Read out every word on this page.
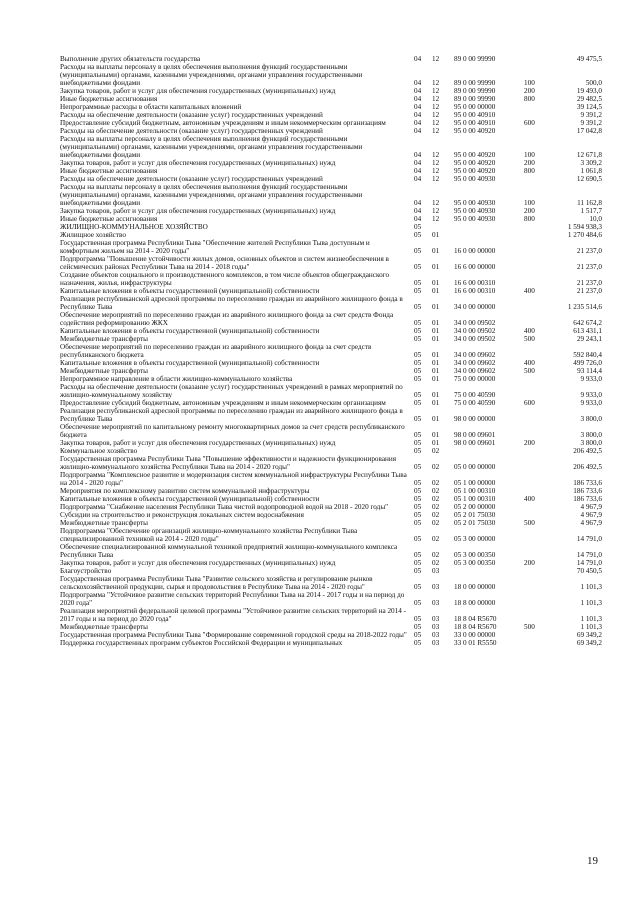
Выполнение других обязательств государства	04	12	89 0 00 99990		49 475,5
Расходы на выплаты персоналу в целях обеспечения выполнения функций государственными (муниципальными) органами, казенными учреждениями, органами управления государственными внебюджетными фондами	04	12	89 0 00 99990	100	500,0
Закупка товаров, работ и услуг для обеспечения государственных (муниципальных) нужд	04	12	89 0 00 99990	200	19 493,0
Иные бюджетные ассигнования	04	12	89 0 00 99990	800	29 482,5
Непрограммные расходы в области капитальных вложений	04	12	95 0 00 00000		39 124,5
Расходы на обеспечение деятельности (оказание услуг) государственных учреждений	04	12	95 0 00 40910		9 391,2
Предоставление субсидий бюджетным, автономным учреждениям и иным некоммерческим организациям	04	12	95 0 00 40910	600	9 391,2
Расходы на обеспечение деятельности (оказание услуг) государственных учреждений	04	12	95 0 00 40920		17 042,8
Расходы на выплаты персоналу в целях обеспечения выполнения функций государственными (муниципальными) органами, казенными учреждениями, органами управления государственными внебюджетными фондами	04	12	95 0 00 40920	100	12 671,8
Закупка товаров, работ и услуг для обеспечения государственных (муниципальных) нужд	04	12	95 0 00 40920	200	3 309,2
Иные бюджетные ассигнования	04	12	95 0 00 40920	800	1 061,8
Расходы на обеспечение деятельности (оказание услуг) государственных учреждений	04	12	95 0 00 40930		12 690,5
Расходы на выплаты персоналу в целях обеспечения выполнения функций государственными (муниципальными) органами, казенными учреждениями, органами управления государственными внебюджетными фондами	04	12	95 0 00 40930	100	11 162,8
Закупка товаров, работ и услуг для обеспечения государственных (муниципальных) нужд	04	12	95 0 00 40930	200	1 517,7
Иные бюджетные ассигнования	04	12	95 0 00 40930	800	10,0
ЖИЛИЩНО-КОММУНАЛЬНОЕ ХОЗЯЙСТВО	05				1 594 938,3
Жилищное хозяйство	05	01			1 270 484,6
Государственная программа Республики Тыва "Обеспечение жителей Республики Тыва доступным и комфортным жильем на 2014 - 2020 годы"	05	01	16 0 00 00000		21 237,0
Подпрограмма "Повышение устойчивости жилых домов, основных объектов и систем жизнеобеспечения в сейсмических районах Республики Тыва на 2014 - 2018 годы"	05	01	16 6 00 00000		21 237,0
Создание объектов социального и производственного комплексов, в том числе объектов общегражданского назначения, жилья, инфраструктуры	05	01	16 6 00 00310		21 237,0
Капитальные вложения в объекты государственной (муниципальной) собственности	05	01	16 6 00 00310	400	21 237,0
Реализация республиканской адресной программы по переселению граждан из аварийного жилищного фонда в Республике Тыва	05	01	34 0 00 00000		1 235 514,6
Обеспечение мероприятий по переселению граждан из аварийного жилищного фонда за счет средств Фонда содействия реформированию ЖКХ	05	01	34 0 00 09502		642 674,2
Капитальные вложения в объекты государственной (муниципальной) собственности	05	01	34 0 00 09502	400	613 431,1
Межбюджетные трансферты	05	01	34 0 00 09502	500	29 243,1
Обеспечение мероприятий по переселению граждан из аварийного жилищного фонда за счет средств республиканского бюджета	05	01	34 0 00 09602		592 840,4
Капитальные вложения в объекты государственной (муниципальной) собственности	05	01	34 0 00 09602	400	499 726,0
Межбюджетные трансферты	05	01	34 0 00 09602	500	93 114,4
Непрограммное направление в области жилищно-коммунального хозяйства	05	01	75 0 00 00000		9 933,0
Расходы на обеспечение деятельности (оказание услуг) государственных учреждений в рамках мероприятий по жилищно-коммунальному хозяйству	05	01	75 0 00 40590		9 933,0
Предоставление субсидий бюджетным, автономным учреждениям и иным некоммерческим организациям	05	01	75 0 00 40590	600	9 933,0
Реализация республиканской адресной программы по переселению граждан из аварийного жилищного фонда в Республике Тыва	05	01	98 0 00 00000		3 800,0
Обеспечение мероприятий по капитальному ремонту многоквартирных домов за счет средств республиканского бюджета	05	01	98 0 00 09601		3 800,0
Закупка товаров, работ и услуг для обеспечения государственных (муниципальных) нужд	05	01	98 0 00 09601	200	3 800,0
Коммунальное хозяйство	05	02			206 492,5
Государственная программа Республики Тыва "Повышение эффективности и надежности функционирования жилищно-коммунального хозяйства Республики Тыва на 2014 - 2020 годы"	05	02	05 0 00 00000		206 492,5
Подпрограмма "Комплексное развитие и модернизация систем коммунальной инфраструктуры Республики Тыва на 2014 - 2020 годы"	05	02	05 1 00 00000		186 733,6
Мероприятия по комплексному развитию систем коммунальной инфраструктуры	05	02	05 1 00 00310		186 733,6
Капитальные вложения в объекты государственной (муниципальной) собственности	05	02	05 1 00 00310	400	186 733,6
Подпрограмма "Снабжение населения Республики Тыва чистой водопроводной водой на 2018 - 2020 годы"	05	02	05 2 00 00000		4 967,9
Субсидии на строительство и реконструкция локальных систем водоснабжения	05	02	05 2 01 75030		4 967,9
Межбюджетные трансферты	05	02	05 2 01 75030	500	4 967,9
Подпрограмма "Обеспечение организаций жилищно-коммунального хозяйства Республики Тыва специализированной техникой на 2014 - 2020 годы"	05	02	05 3 00 00000		14 791,0
Обеспечение специализированной коммунальной техникой предприятий жилищно-коммунального комплекса Республики Тыва	05	02	05 3 00 00350		14 791,0
Закупка товаров, работ и услуг для обеспечения государственных (муниципальных) нужд	05	02	05 3 00 00350	200	14 791,0
Благоустройство	05	03			70 450,5
Государственная программа Республики Тыва "Развитие сельского хозяйства и регулирование рынков сельскохозяйственной продукции, сырья и продовольствия в Республике Тыва на 2014 - 2020 годы"	05	03	18 0 00 00000		1 101,3
Подпрограмма "Устойчивое развитие сельских территорий Республики Тыва на 2014 - 2017 годы и на период до 2020 года"	05	03	18 8 00 00000		1 101,3
Реализация мероприятий федеральной целевой программы "Устойчивое развитие сельских территорий на 2014 - 2017 годы и на период до 2020 года"	05	03	18 8 04 R5670		1 101,3
Межбюджетные трансферты	05	03	18 8 04 R5670	500	1 101,3
Государственная программа Республики Тыва "Формирование современной городской среды на 2018-2022 годы"	05	03	33 0 00 00000		69 349,2
Поддержка государственных программ субъектов Российской Федерации и муниципальных	05	03	33 0 01 R5550		69 349,2
19
